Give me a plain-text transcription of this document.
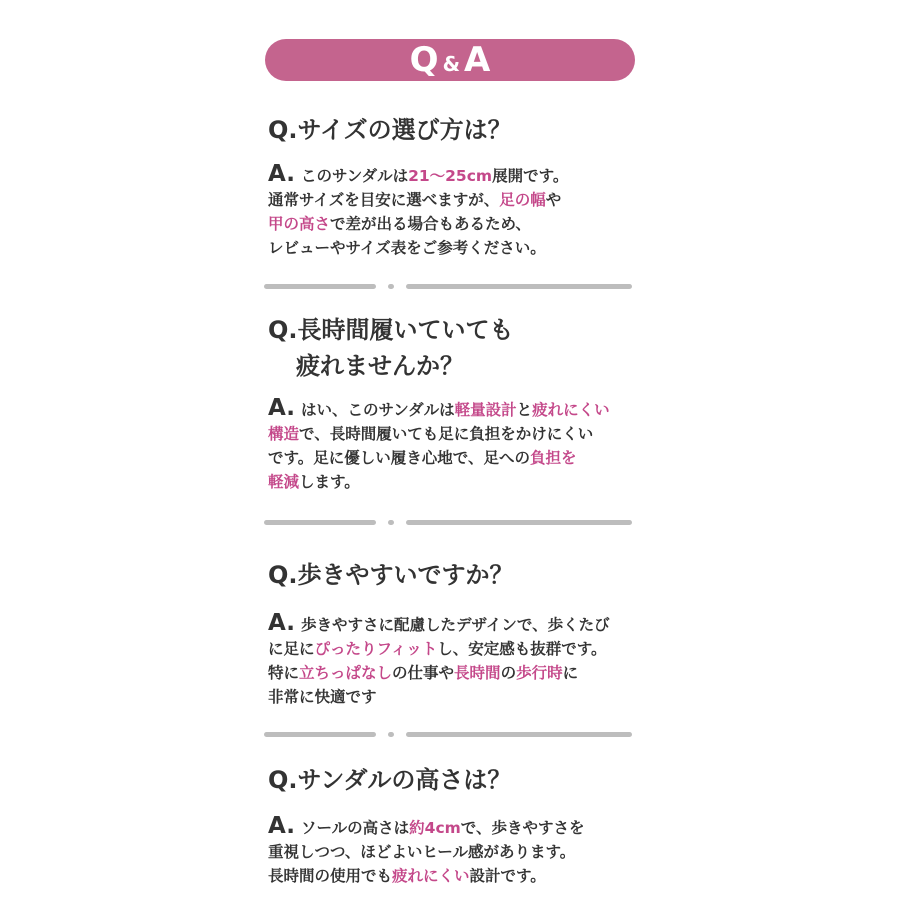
Q & A

Q.サイズの選び方は？

A. このサンダルは21〜25cm展開です。
通常サイズを目安に選べますが、足の幅や
甲の高さで差が出る場合もあるため、
レビューやサイズ表をご参考ください。

Q.長時間履いていても
疲れませんか？

A. はい、このサンダルは軽量設計と疲れにくい
構造で、長時間履いても足に負担をかけにくい
です。足に優しい履き心地で、足への負担を
軽減します。

Q.歩きやすいですか？

A. 歩きやすさに配慮したデザインで、歩くたび
に足にぴったりフィットし、安定感も抜群です。
特に立ちっぱなしの仕事や長時間の歩行時に
非常に快適です

Q.サンダルの高さは？

A. ソールの高さは約4cmで、歩きやすさを
重視しつつ、ほどよいヒール感があります。
長時間の使用でも疲れにくい設計です。
